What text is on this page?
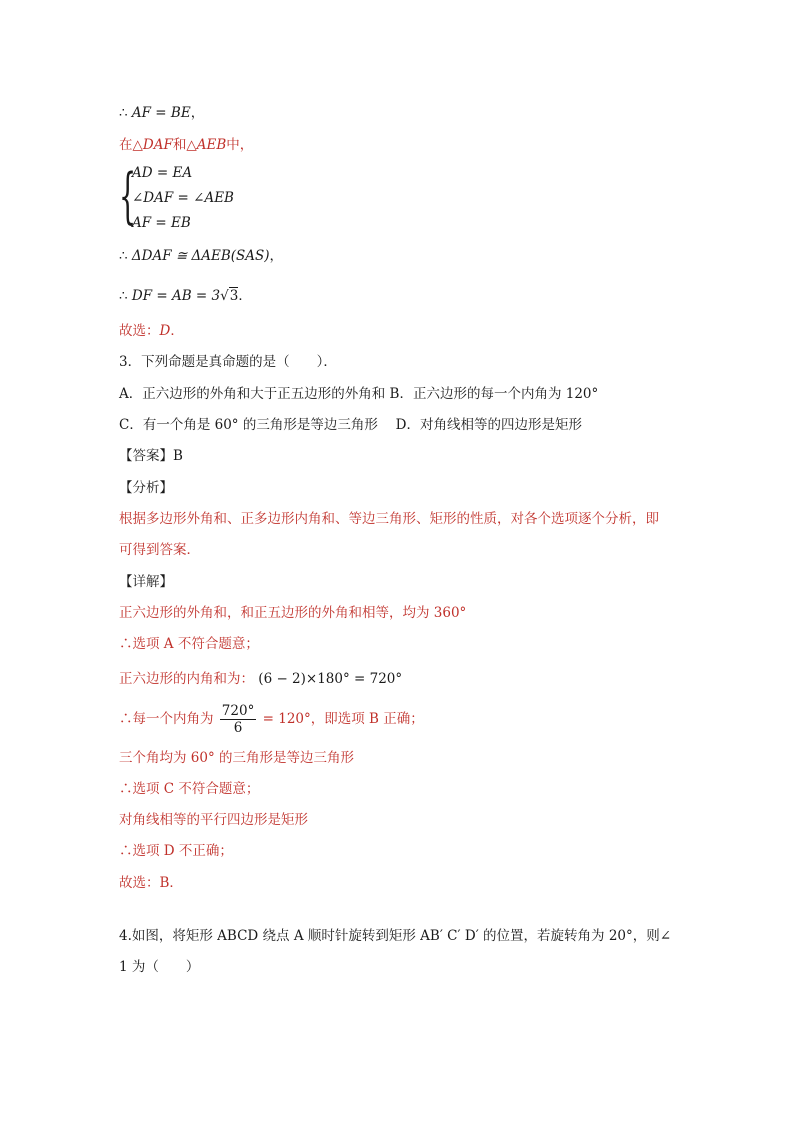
∴ AF = BE，
在△DAF和△AEB中，
{
AD = EA
∠DAF = ∠AEB
AF = EB
∴ ΔDAF ≅ ΔAEB(SAS)，
∴ DF = AB = 3√3．
故选：D．
3．下列命题是真命题的是（　　）．
A．正六边形的外角和大于正五边形的外角和 B．正六边形的每一个内角为 120°
C．有一个角是 60° 的三角形是等边三角形　 D．对角线相等的四边形是矩形
【答案】B
【分析】
根据多边形外角和、正多边形内角和、等边三角形、矩形的性质，对各个选项逐个分析，即
可得到答案．
【详解】
正六边形的外角和，和正五边形的外角和相等，均为 360°
∴选项 A 不符合题意；
正六边形的内角和为： (6 − 2)×180° = 720°
∴每一个内角为 $\frac{720^\circ}{6} = 120^\circ$，即选项 B 正确；
三个角均为 60° 的三角形是等边三角形
∴选项 C 不符合题意；
对角线相等的平行四边形是矩形
∴选项 D 不正确；
故选：B．
4.如图，将矩形 ABCD 绕点 A 顺时针旋转到矩形 AB′ C′ D′ 的位置，若旋转角为 20°，则∠
1 为（　　）
